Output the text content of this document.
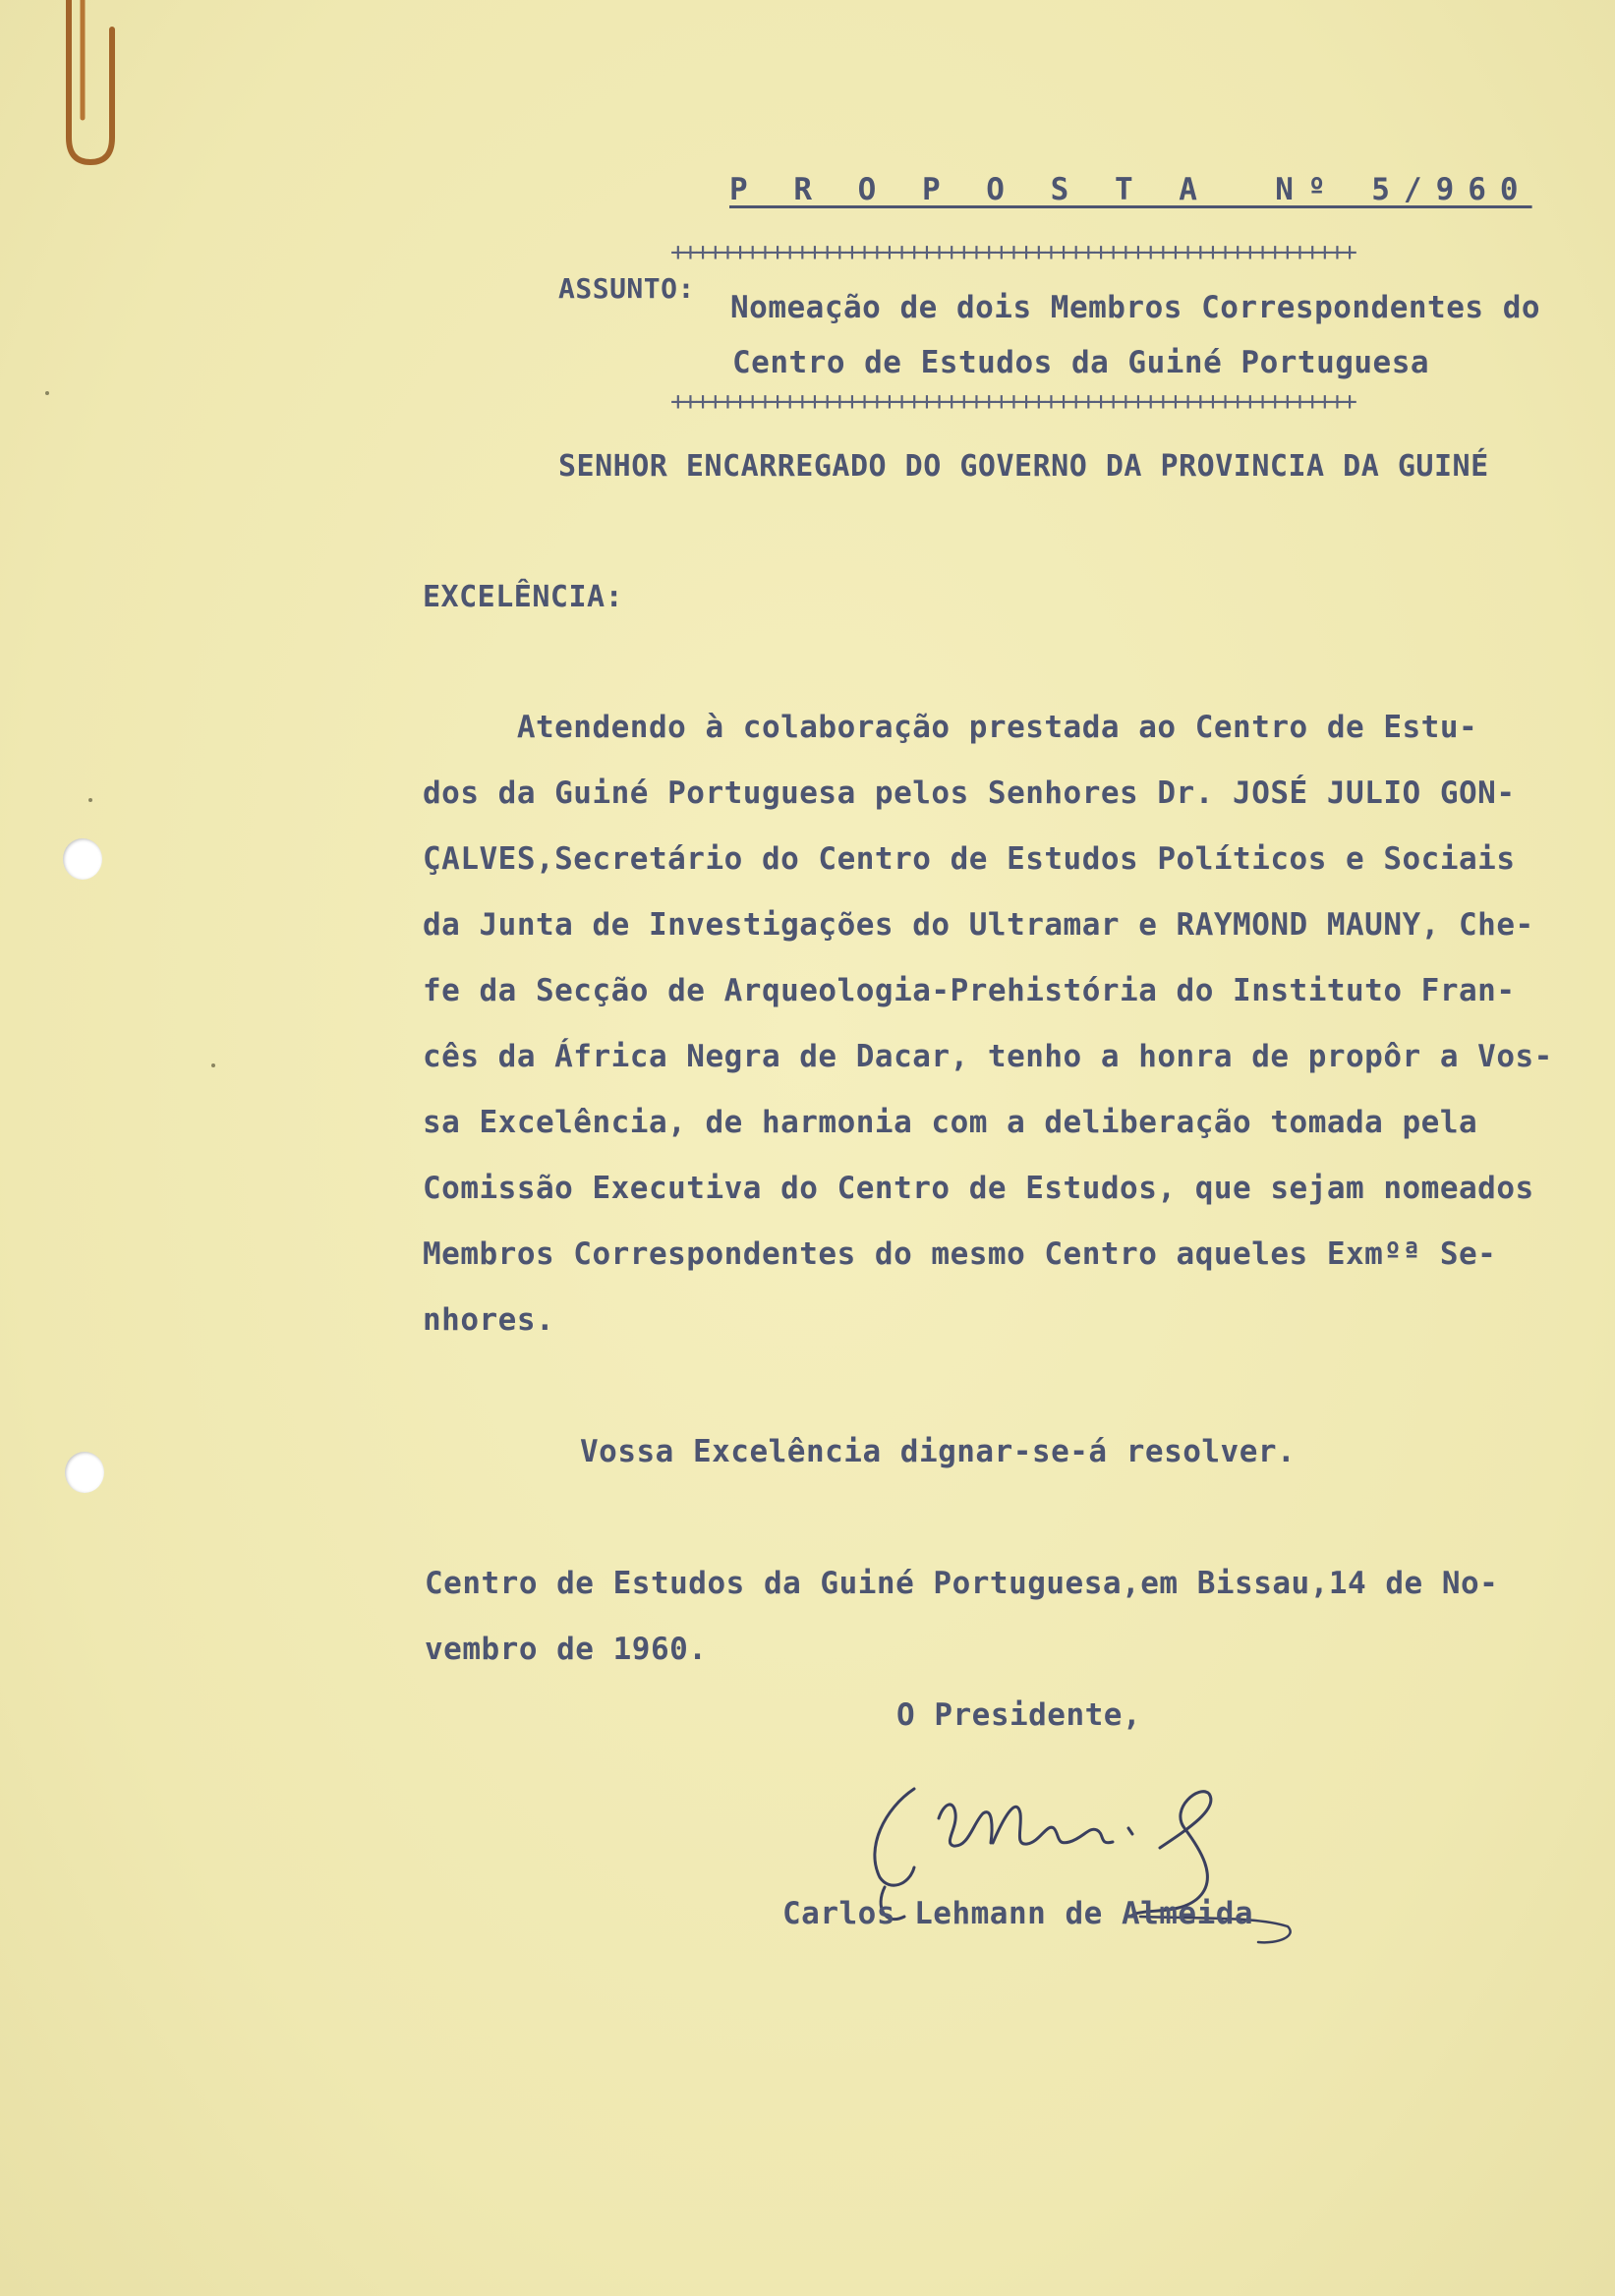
P R O P O S T A  Nº 5/960
+++++++++++++++++++++++++++++++++++++++++++++++++++++++
ASSUNTO:
Nomeação de dois Membros Correspondentes do
Centro de Estudos da Guiné Portuguesa
+++++++++++++++++++++++++++++++++++++++++++++++++++++++
SENHOR ENCARREGADO DO GOVERNO DA PROVINCIA DA GUINÉ
EXCELÊNCIA:
Atendendo à colaboração prestada ao Centro de Estu-
dos da Guiné Portuguesa pelos Senhores Dr. JOSÉ JULIO GON-
ÇALVES,Secretário do Centro de Estudos Políticos e Sociais
da Junta de Investigações do Ultramar e RAYMOND MAUNY, Che-
fe da Secção de Arqueologia-Prehistória do Instituto Fran-
cês da África Negra de Dacar, tenho a honra de propôr a Vos-
sa Excelência, de harmonia com a deliberação tomada pela
Comissão Executiva do Centro de Estudos, que sejam nomeados
Membros Correspondentes do mesmo Centro aqueles Exmºª Se-
nhores.
Vossa Excelência dignar-se-á resolver.
Centro de Estudos da Guiné Portuguesa,em Bissau,14 de No-
vembro de 1960.
O Presidente,
Carlos Lehmann de Almeida
